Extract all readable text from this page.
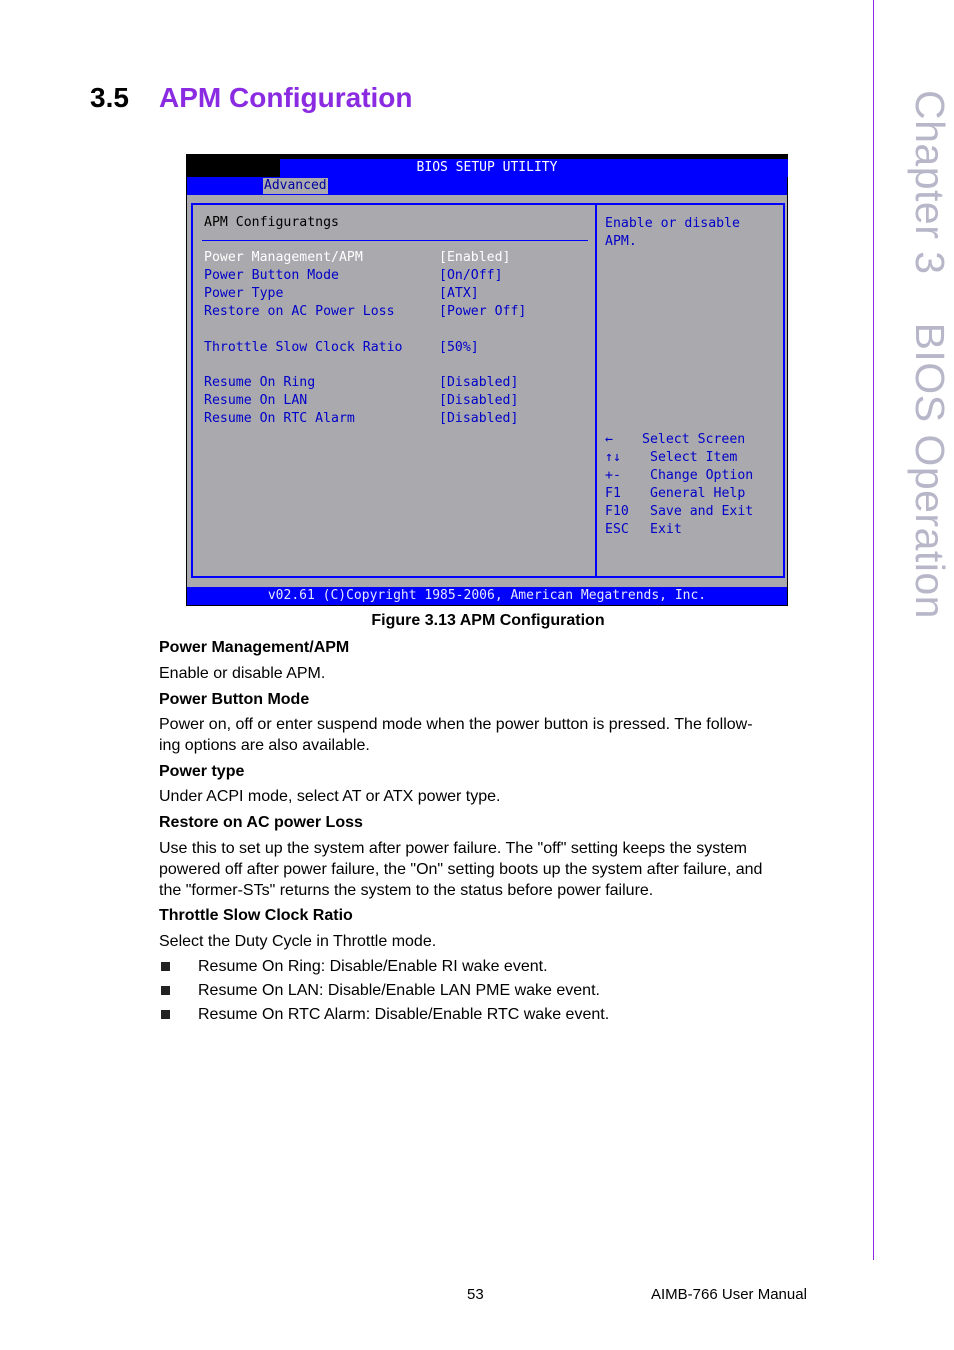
Chapter 3BIOS Operation
3.5 APM Configuration
BIOS SETUP UTILITY
Advanced
APM Configuratngs
Power Management/APM	[Enabled]
Power Button Mode	[On/Off]
Power Type	[ATX]
Restore on AC Power Loss	[Power Off]
Throttle Slow Clock Ratio	[50%]
Resume On Ring	[Disabled]
Resume On LAN	[Disabled]
Resume On RTC Alarm	[Disabled]
Enable or disable
APM.
← Select Screen
↑↓ Select Item
+- Change Option
F1 General Help
F10 Save and Exit
ESC Exit
v02.61 (C)Copyright 1985-2006, American Megatrends, Inc.
Figure 3.13 APM Configuration
Power Management/APM
Enable or disable APM.
Power Button Mode
Power on, off or enter suspend mode when the power button is pressed. The follow-
ing options are also available.
Power type
Under ACPI mode, select AT or ATX power type.
Restore on AC power Loss
Use this to set up the system after power failure. The "off" setting keeps the system
powered off after power failure, the "On" setting boots up the system after failure, and
the "former-STs" returns the system to the status before power failure.
Throttle Slow Clock Ratio
Select the Duty Cycle in Throttle mode.
Resume On Ring: Disable/Enable RI wake event.
Resume On LAN: Disable/Enable LAN PME wake event.
Resume On RTC Alarm: Disable/Enable RTC wake event.
53	AIMB-766 User Manual
